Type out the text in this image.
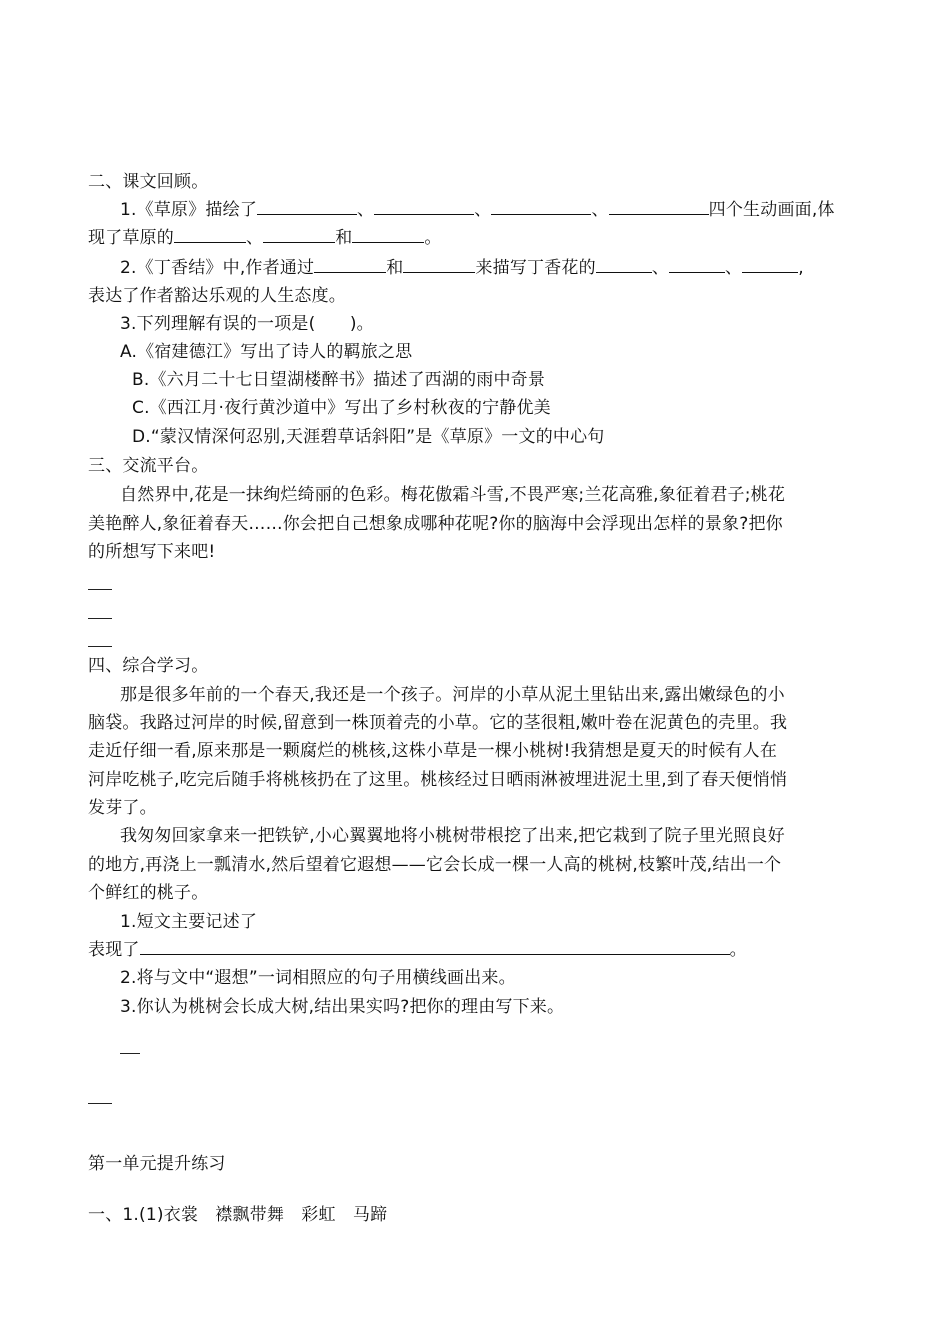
二、课文回顾。
1.《草原》描绘了	、	、	、	四个生动画面,体
现了草原的	、	和	。
2.《丁香结》中,作者通过	和	来描写丁香花的	、	、	,
表达了作者豁达乐观的人生态度。
3.下列理解有误的一项是(　　)。
A.《宿建德江》写出了诗人的羁旅之思
B.《六月二十七日望湖楼醉书》描述了西湖的雨中奇景
C.《西江月·夜行黄沙道中》写出了乡村秋夜的宁静优美
D.“蒙汉情深何忍别,天涯碧草话斜阳”是《草原》一文的中心句
三、交流平台。
自然界中,花是一抹绚烂绮丽的色彩。梅花傲霜斗雪,不畏严寒;兰花高雅,象征着君子;桃花
美艳醉人,象征着春天……你会把自己想象成哪种花呢?你的脑海中会浮现出怎样的景象?把你
的所想写下来吧!
四、综合学习。
那是很多年前的一个春天,我还是一个孩子。河岸的小草从泥土里钻出来,露出嫩绿色的小
脑袋。我路过河岸的时候,留意到一株顶着壳的小草。它的茎很粗,嫩叶卷在泥黄色的壳里。我
走近仔细一看,原来那是一颗腐烂的桃核,这株小草是一棵小桃树!我猜想是夏天的时候有人在
河岸吃桃子,吃完后随手将桃核扔在了这里。桃核经过日晒雨淋被埋进泥土里,到了春天便悄悄
发芽了。
我匆匆回家拿来一把铁铲,小心翼翼地将小桃树带根挖了出来,把它栽到了院子里光照良好
的地方,再浇上一瓢清水,然后望着它遐想——它会长成一棵一人高的桃树,枝繁叶茂,结出一个
个鲜红的桃子。
1.短文主要记述了
表现了	。
2.将与文中“遐想”一词相照应的句子用横线画出来。
3.你认为桃树会长成大树,结出果实吗?把你的理由写下来。
第一单元提升练习
一、1.(1)衣裳　襟飘带舞　彩虹　马蹄
